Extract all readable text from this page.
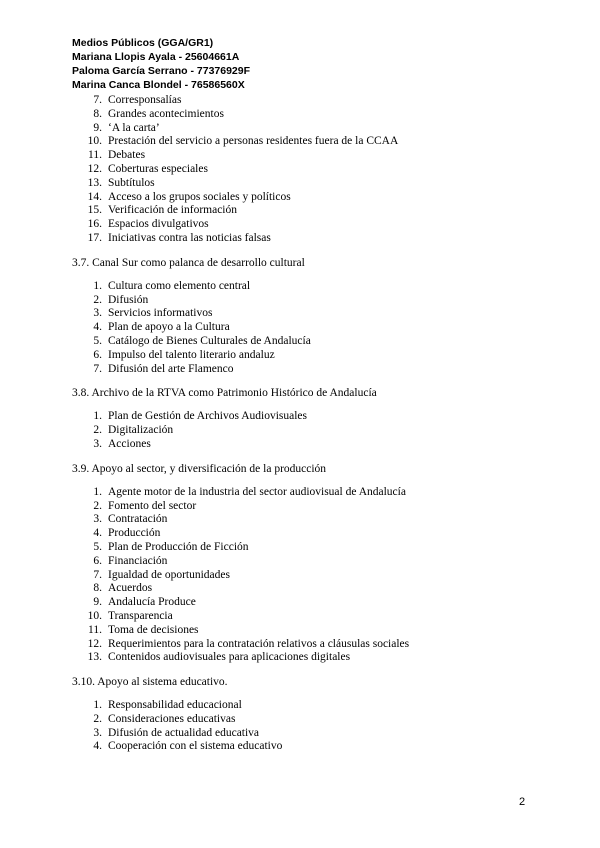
Medios Públicos (GGA/GR1)
Mariana Llopis Ayala - 25604661A
Paloma García Serrano - 77376929F
Marina Canca Blondel - 76586560X
7. Corresponsalías
8. Grandes acontecimientos
9. ‘A la carta’
10. Prestación del servicio a personas residentes fuera de la CCAA
11. Debates
12. Coberturas especiales
13. Subtítulos
14. Acceso a los grupos sociales y políticos
15. Verificación de información
16. Espacios divulgativos
17. Iniciativas contra las noticias falsas
3.7. Canal Sur como palanca de desarrollo cultural
1. Cultura como elemento central
2. Difusión
3. Servicios informativos
4. Plan de apoyo a la Cultura
5. Catálogo de Bienes Culturales de Andalucía
6. Impulso del talento literario andaluz
7. Difusión del arte Flamenco
3.8. Archivo de la RTVA como Patrimonio Histórico de Andalucía
1. Plan de Gestión de Archivos Audiovisuales
2. Digitalización
3. Acciones
3.9. Apoyo al sector, y diversificación de la producción
1. Agente motor de la industria del sector audiovisual de Andalucía
2. Fomento del sector
3. Contratación
4. Producción
5. Plan de Producción de Ficción
6. Financiación
7. Igualdad de oportunidades
8. Acuerdos
9. Andalucía Produce
10. Transparencia
11. Toma de decisiones
12. Requerimientos para la contratación relativos a cláusulas sociales
13. Contenidos audiovisuales para aplicaciones digitales
3.10. Apoyo al sistema educativo.
1. Responsabilidad educacional
2. Consideraciones educativas
3. Difusión de actualidad educativa
4. Cooperación con el sistema educativo
2
